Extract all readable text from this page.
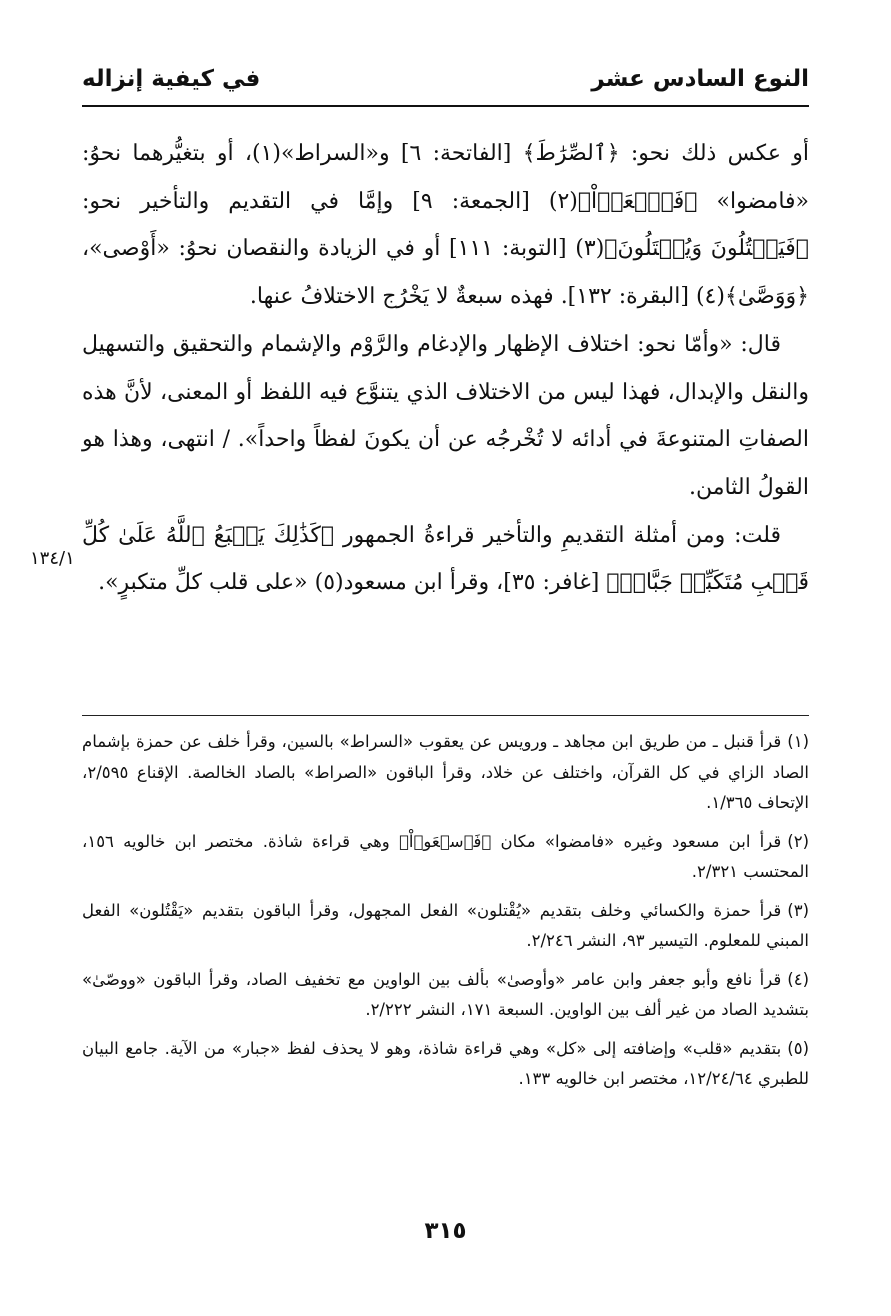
النوع السادس عشر
في كيفية إنزاله

أو عكس ذلك نحو: ﴿ٱلصِّرَٰطَ﴾ [الفاتحة: ٦] و«السراط»(١)، أو بتغيُّرهما نحوُ: «فامضوا» ﴿فَٱسۡعَوۡاْ﴾(٢) [الجمعة: ٩] وإمَّا في التقديم والتأخير نحو: ﴿فَيَقۡتُلُونَ وَيُقۡتَلُونَ﴾(٣) [التوبة: ١١١] أو في الزيادة والنقصان نحوُ: «أَوْصى»، ﴿وَوَصَّىٰ﴾(٤) [البقرة: ١٣٢]. فهذه سبعةٌ لا يَخْرُج الاختلافُ عنها.

قال: «وأمّا نحو: اختلاف الإظهار والإدغام والرَّوْم والإشمام والتحقيق والتسهيل والنقل والإبدال، فهذا ليس من الاختلاف الذي يتنوَّع فيه اللفظ أو المعنى، لأنَّ هذه الصفاتِ المتنوعةَ في أدائه لا تُخْرجُه عن أن يكونَ لفظاً واحداً». / انتهى، وهذا هو القولُ الثامن.

قلت: ومن أمثلة التقديمِ والتأخير قراءةُ الجمهور ﴿كَذَٰلِكَ يَطۡبَعُ ٱللَّهُ عَلَىٰ كُلِّ قَلۡبِ مُتَكَبِّرٖ جَبَّارٖ﴾ [غافر: ٣٥]، وقرأ ابن مسعود(٥) «على قلب كلِّ متكبرٍ».

١٣٤/١

(١)قرأ قنبل ـ من طريق ابن مجاهد ـ ورويس عن يعقوب «السراط» بالسين، وقرأ خلف عن حمزة بإشمام الصاد الزاي في كل القرآن، واختلف عن خلاد، وقرأ الباقون «الصراط» بالصاد الخالصة. الإقناع ٢/٥٩٥، الإتحاف ١/٣٦٥.

(٢)قرأ ابن مسعود وغيره «فامضوا» مكان ﴿فَٱسۡعَوۡاْ﴾ وهي قراءة شاذة. مختصر ابن خالويه ١٥٦، المحتسب ٢/٣٢١.

(٣)قرأ حمزة والكسائي وخلف بتقديم «يُقْتلون» الفعل المجهول، وقرأ الباقون بتقديم «يَقْتُلون» الفعل المبني للمعلوم. التيسير ٩٣، النشر ٢/٢٤٦.

(٤)قرأ نافع وأبو جعفر وابن عامر «وأوصىٰ» بألف بين الواوين مع تخفيف الصاد، وقرأ الباقون «ووصّىٰ» بتشديد الصاد من غير ألف بين الواوين. السبعة ١٧١، النشر ٢/٢٢٢.

(٥)بتقديم «قلب» وإضافته إلى «كل» وهي قراءة شاذة، وهو لا يحذف لفظ «جبار» من الآية. جامع البيان للطبري ١٢/٢٤/٦٤، مختصر ابن خالويه ١٣٣.

٣١٥
